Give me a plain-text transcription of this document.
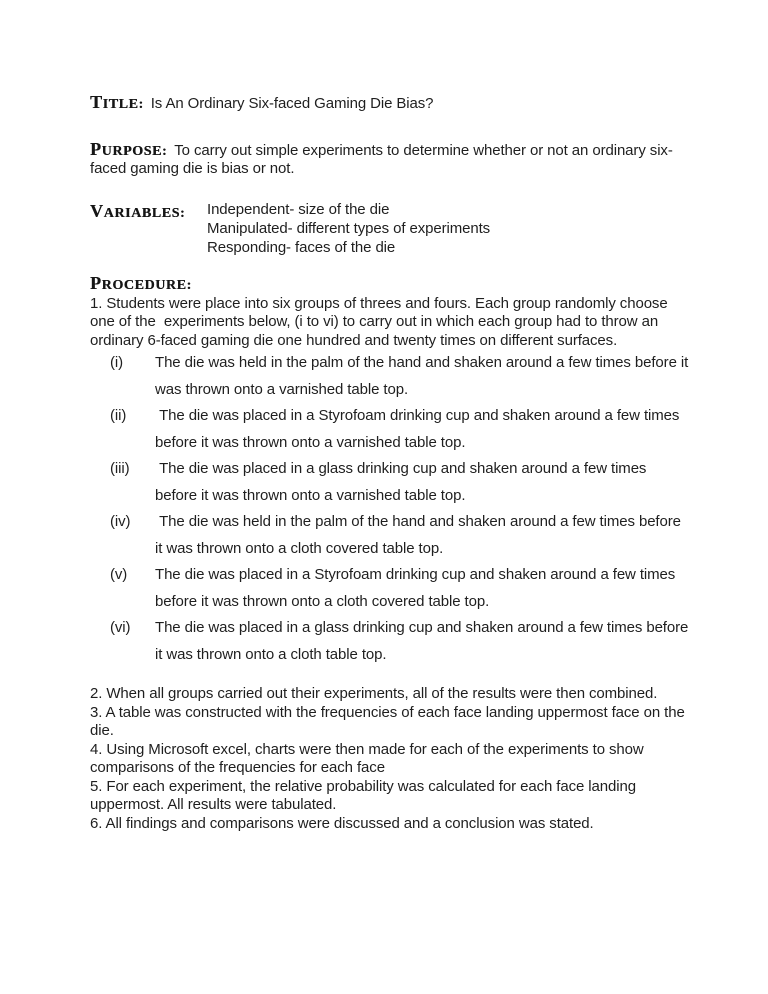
TITLE: Is An Ordinary Six-faced Gaming Die Bias?

PURPOSE: To carry out simple experiments to determine whether or not an ordinary six-faced gaming die is bias or not.

VARIABLES:	Independent- size of the die
Manipulated- different types of experiments
Responding- faces of the die

PROCEDURE:

1. Students were place into six groups of threes and fours. Each group randomly choose one of the  experiments below, (i to vi) to carry out in which each group had to throw an ordinary 6-faced gaming die one hundred and twenty times on different surfaces.

(i)	The die was held in the palm of the hand and shaken around a few times before it was thrown onto a varnished table top.
(ii)	The die was placed in a Styrofoam drinking cup and shaken around a few times before it was thrown onto a varnished table top.
(iii)	The die was placed in a glass drinking cup and shaken around a few times before it was thrown onto a varnished table top.
(iv)	The die was held in the palm of the hand and shaken around a few times before it was thrown onto a cloth covered table top.
(v)	The die was placed in a Styrofoam drinking cup and shaken around a few times before it was thrown onto a cloth covered table top.
(vi)	The die was placed in a glass drinking cup and shaken around a few times before it was thrown onto a cloth table top.
2. When all groups carried out their experiments, all of the results were then combined.
3. A table was constructed with the frequencies of each face landing uppermost face on the die.
4. Using Microsoft excel, charts were then made for each of the experiments to show comparisons of the frequencies for each face
5. For each experiment, the relative probability was calculated for each face landing uppermost. All results were tabulated.
6. All findings and comparisons were discussed and a conclusion was stated.
